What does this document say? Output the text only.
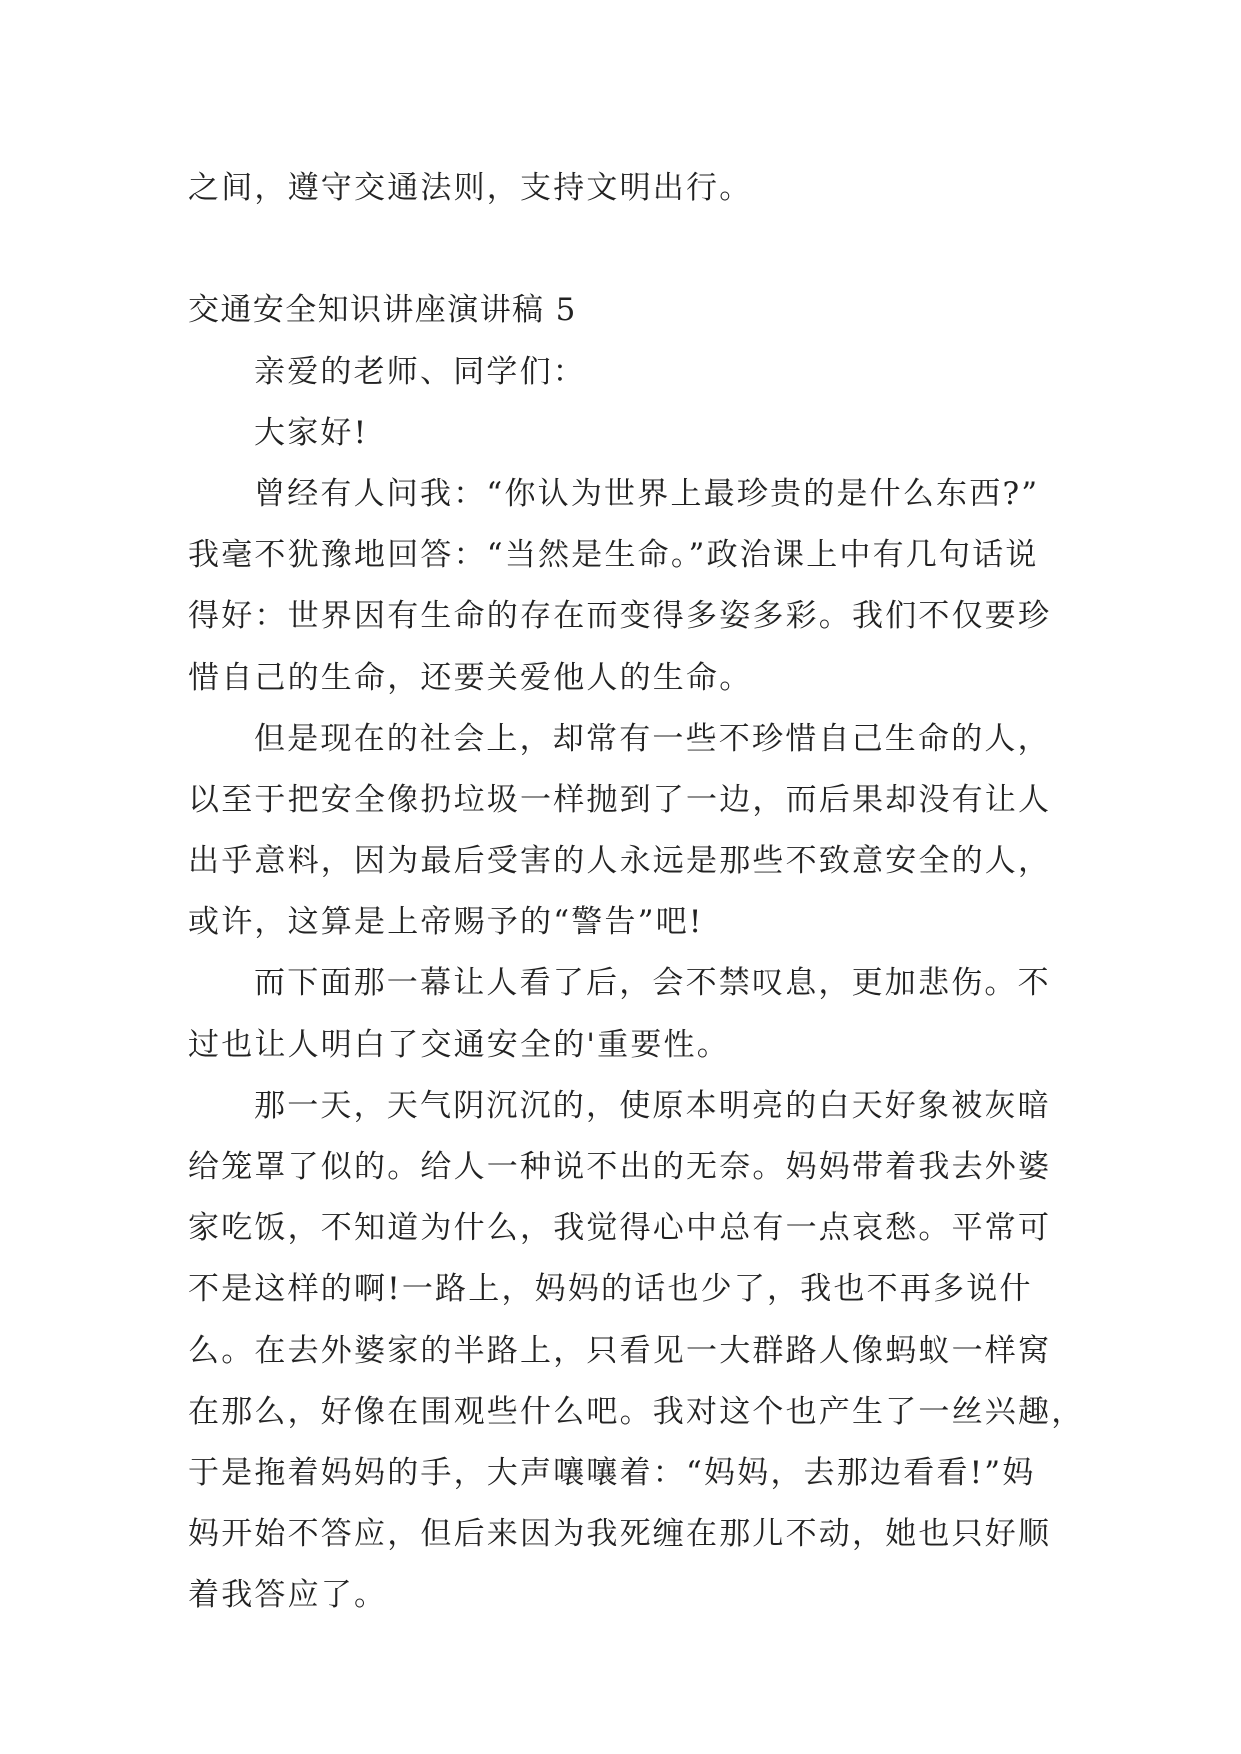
之间，遵守交通法则，支持文明出行。

交通安全知识讲座演讲稿 5

亲爱的老师、同学们：

大家好!

曾经有人问我：“你认为世界上最珍贵的是什么东西?”

我毫不犹豫地回答：“当然是生命。”政治课上中有几句话说

得好：世界因有生命的存在而变得多姿多彩。我们不仅要珍

惜自己的生命，还要关爱他人的生命。

但是现在的社会上，却常有一些不珍惜自己生命的人，

以至于把安全像扔垃圾一样抛到了一边，而后果却没有让人

出乎意料，因为最后受害的人永远是那些不致意安全的人，

或许，这算是上帝赐予的“警告”吧!

而下面那一幕让人看了后，会不禁叹息，更加悲伤。不

过也让人明白了交通安全的'重要性。

那一天，天气阴沉沉的，使原本明亮的白天好象被灰暗

给笼罩了似的。给人一种说不出的无奈。妈妈带着我去外婆

家吃饭，不知道为什么，我觉得心中总有一点哀愁。平常可

不是这样的啊!一路上，妈妈的话也少了，我也不再多说什

么。在去外婆家的半路上，只看见一大群路人像蚂蚁一样窝

在那么，好像在围观些什么吧。我对这个也产生了一丝兴趣，

于是拖着妈妈的手，大声嚷嚷着：“妈妈，去那边看看!”妈

妈开始不答应，但后来因为我死缠在那儿不动，她也只好顺

着我答应了。
